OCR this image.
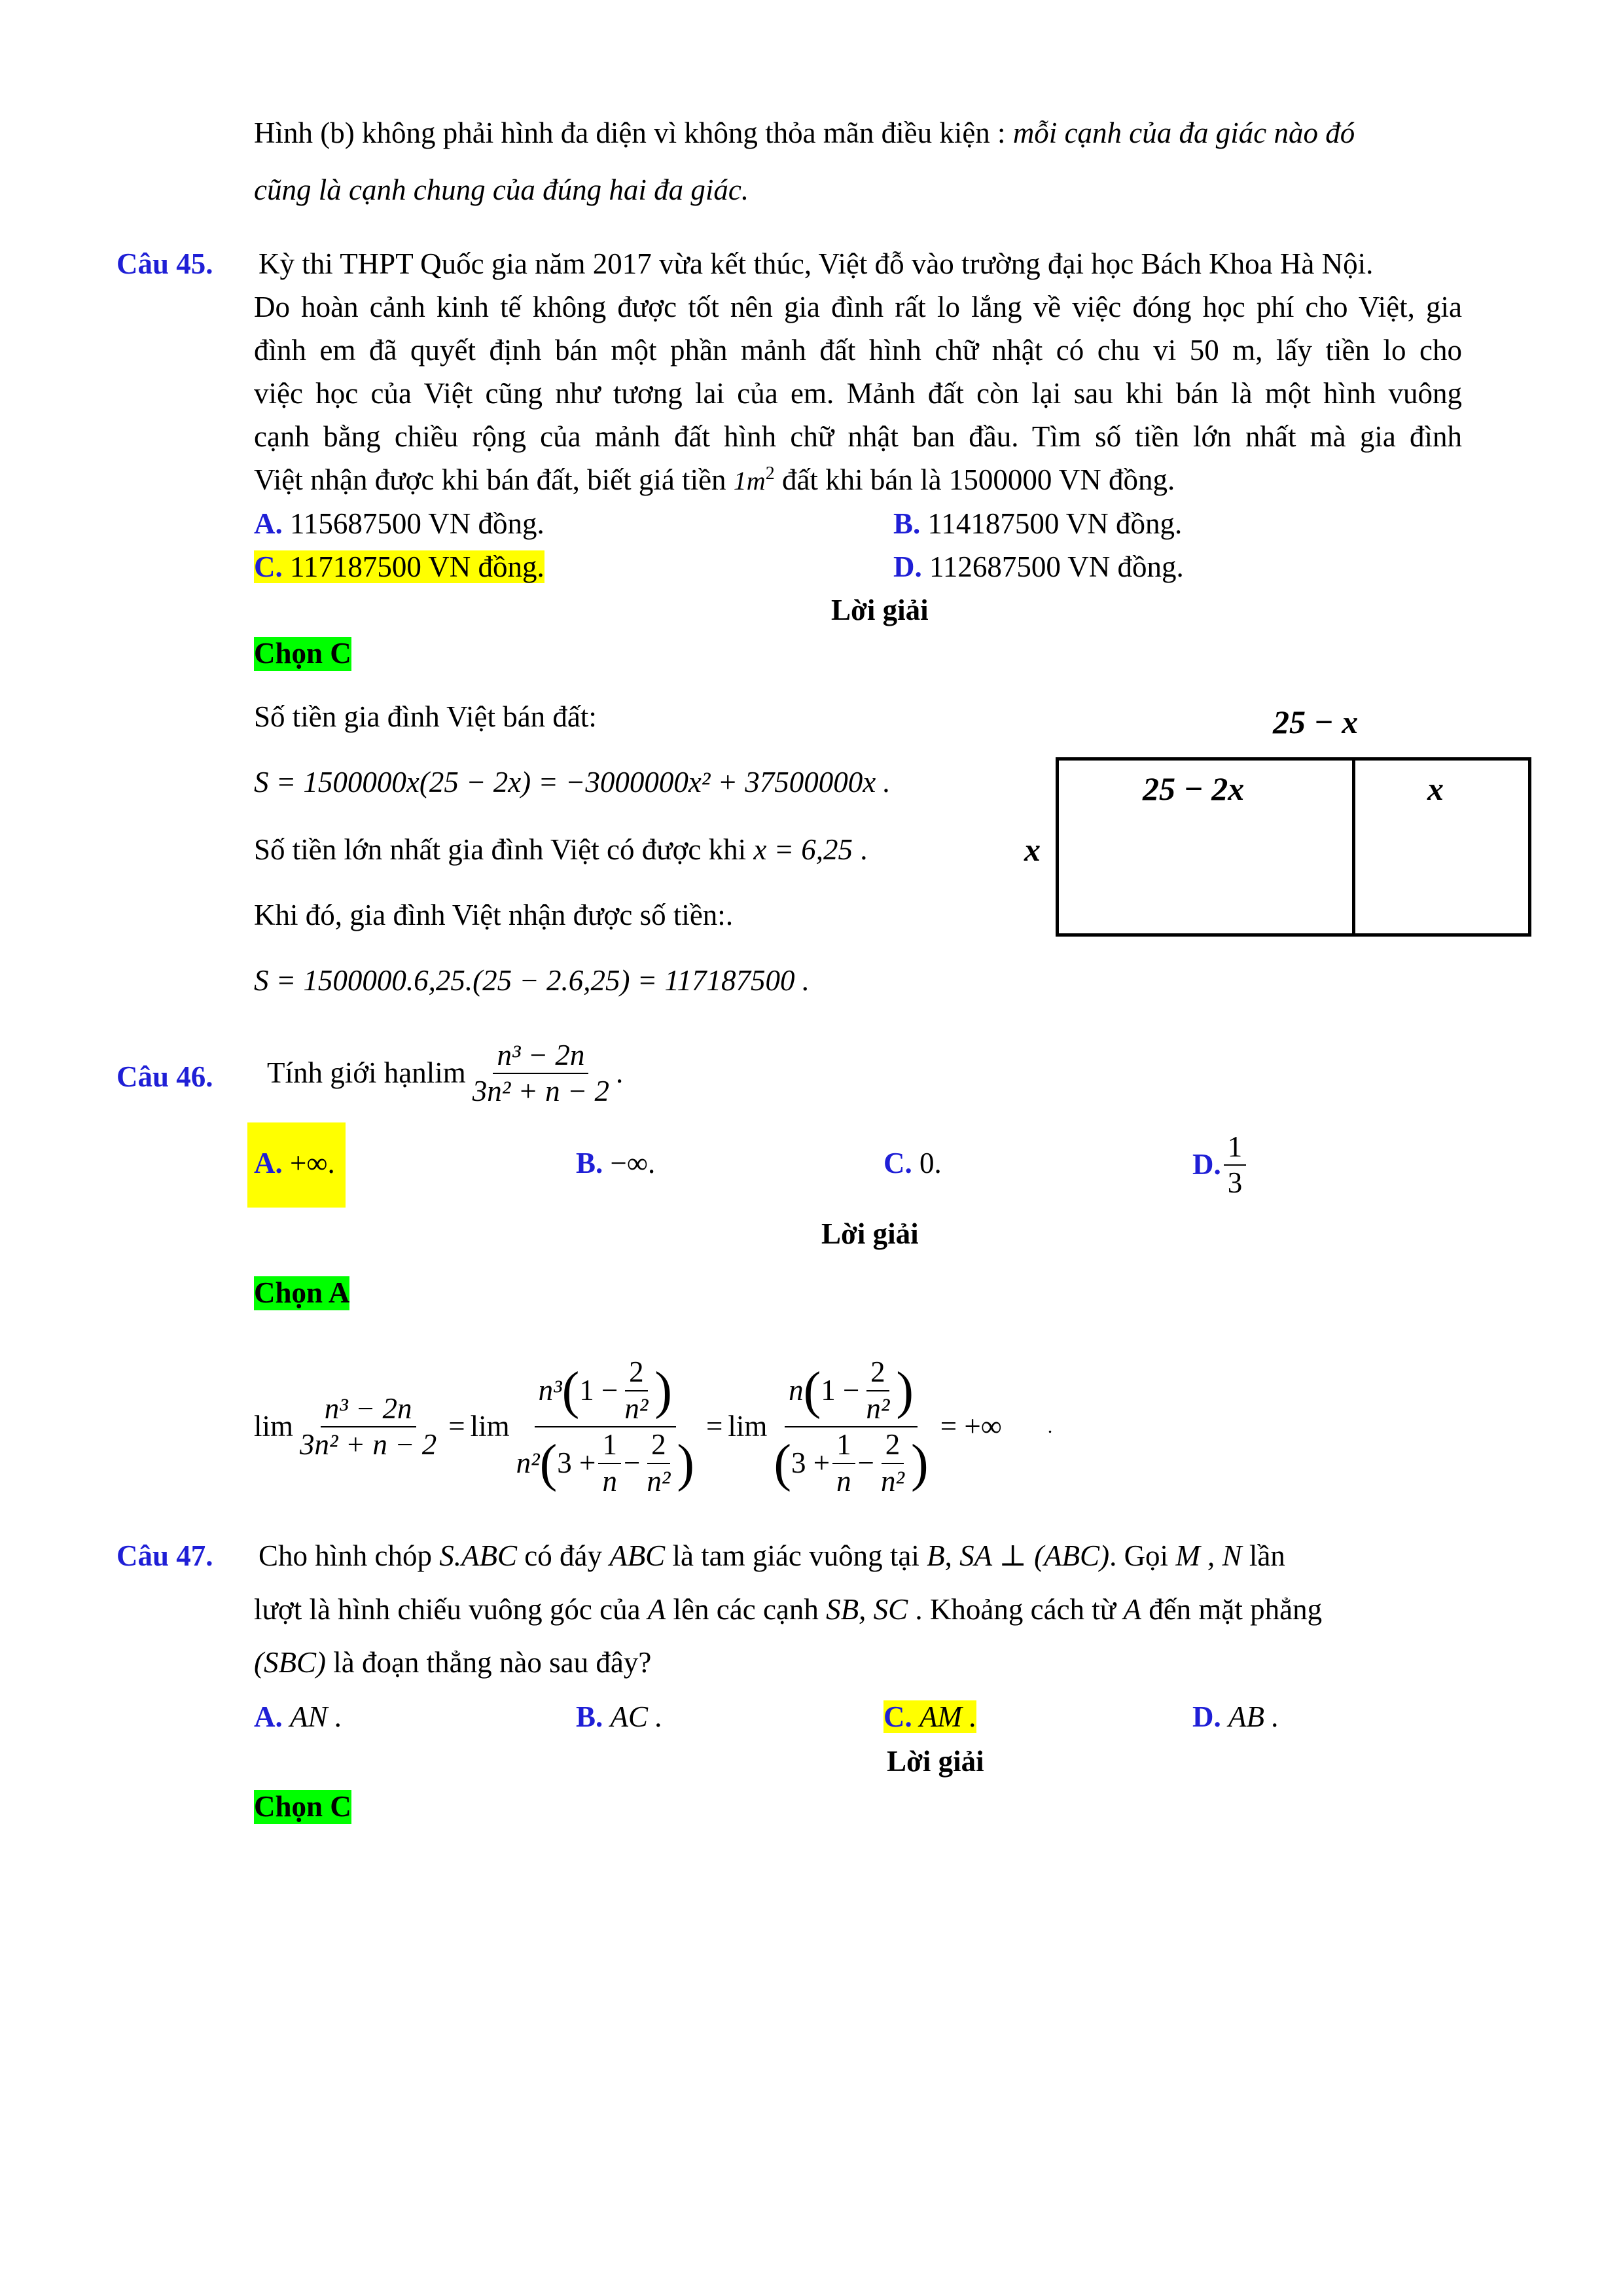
Hình (b) không phải hình đa diện vì không thỏa mãn điều kiện : mỗi cạnh của đa giác nào đó
cũng là cạnh chung của đúng hai đa giác.
Câu 45. Kỳ thi THPT Quốc gia năm 2017 vừa kết thúc, Việt đỗ vào trường đại học Bách Khoa Hà Nội.
Do hoàn cảnh kinh tế không được tốt nên gia đình rất lo lắng về việc đóng học phí cho Việt, gia
đình em đã quyết định bán một phần mảnh đất hình chữ nhật có chu vi 50 m, lấy tiền lo cho
việc học của Việt cũng như tương lai của em. Mảnh đất còn lại sau khi bán là một hình vuông
cạnh bằng chiều rộng của mảnh đất hình chữ nhật ban đầu. Tìm số tiền lớn nhất mà gia đình
Việt nhận được khi bán đất, biết giá tiền $1m^2$ đất khi bán là 1500000 VN đồng.
A. 115687500 VN đồng.	B. 114187500 VN đồng.
C. 117187500 VN đồng.	D. 112687500 VN đồng.
Lời giải
Chọn C
Số tiền gia đình Việt bán đất:
S = 1500000x(25 − 2x) = −3000000x² + 37500000x .
Số tiền lớn nhất gia đình Việt có được khi x = 6,25 .
Khi đó, gia đình Việt nhận được số tiền:.
S = 1500000.6,25.(25 − 2.6,25) = 117187500 .
25 − x
x
25 − 2x	x
Câu 46. Tính giới hạn $\lim \frac{\text{n³ − 2n}}{\text{3n² + n − 2}}$ .
A. +∞.	B. −∞.	C. 0.	D. $\frac{1}{3}$
Lời giải
Chọn A
$\lim \frac{\text{n³ − 2n}}{\text{3n² + n − 2}} = \lim$
n³ ( $1 - \frac{2}{\text{n²}}$ )
n² ( $3 + \frac{1}{n} - \frac{2}{\text{n²}}$ )
= lim
n ( $1 - \frac{2}{\text{n²}}$ )
( $3 + \frac{1}{n} - \frac{2}{\text{n²}}$ )
= +∞ .
Câu 47. Cho hình chóp S.ABC có đáy ABC là tam giác vuông tại B, SA ⊥ (ABC). Gọi M , N lần
lượt là hình chiếu vuông góc của A lên các cạnh SB, SC . Khoảng cách từ A đến mặt phẳng
(SBC) là đoạn thẳng nào sau đây?
A. AN .	B. AC .	C. AM .	D. AB .
Lời giải
Chọn C
